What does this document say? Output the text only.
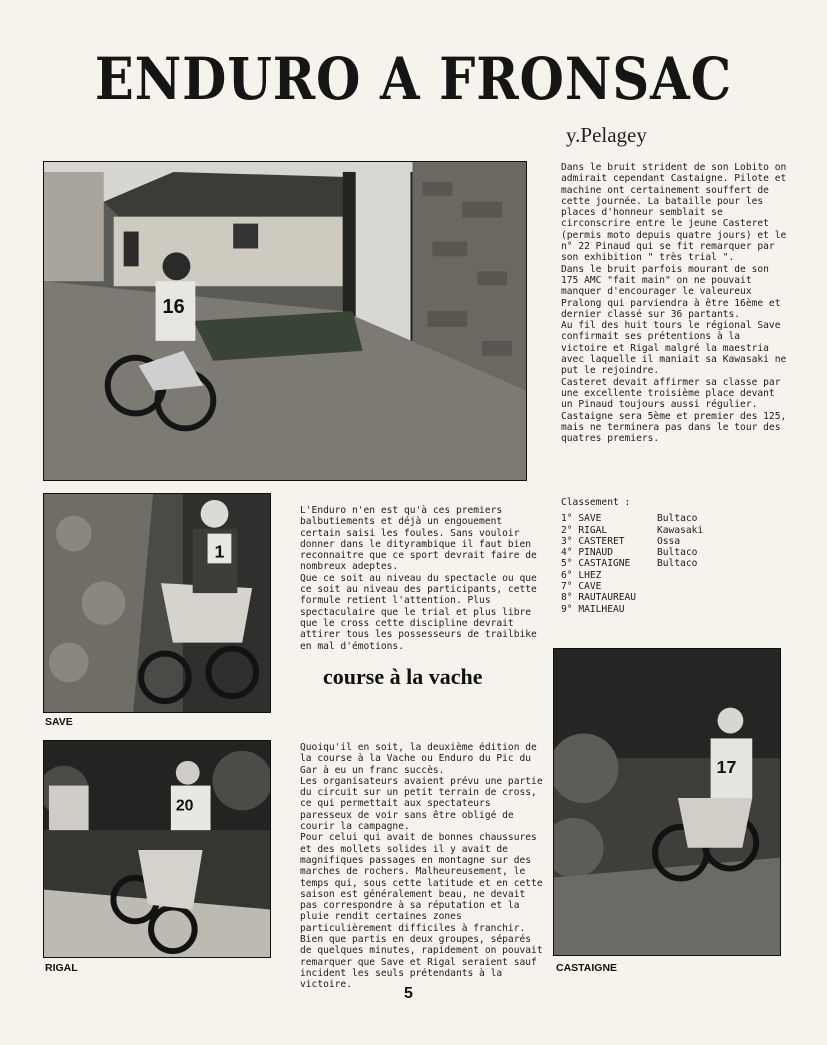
ENDURO A FRONSAC
y.Pelagey
16

Dans le bruit strident de son Lobito on admirait cependant Castaigne. Pilote et machine ont certainement souffert de cette journée. La bataille pour les places d'honneur semblait se circonscrire entre le jeune Casteret (permis moto depuis quatre jours) et le n° 22 Pinaud qui se fit remarquer par son exhibition " très trial ".

Dans le bruit parfois mourant de son 175 AMC "fait main" on ne pouvait manquer d'encourager le valeureux Pralong qui parviendra à être 16ème et dernier classé sur 36 partants.

Au fil des huit tours le régional Save confirmait ses prétentions à la victoire et Rigal malgré la maestria avec laquelle il maniait sa Kawasaki ne put le rejoindre.

Casteret devait affirmer sa classe par une excellente troisième place devant un Pinaud toujours aussi régulier.

Castaigne sera 5ème et premier des 125, mais ne terminera pas dans le tour des quatres premiers.

1
SAVE

L'Enduro n'en est qu'à ces premiers balbutiements et déjà un engouement certain saisi les foules. Sans vouloir donner dans le dityrambique il faut bien reconnaitre que ce sport devrait faire de nombreux adeptes.

Que ce soit au niveau du spectacle ou que ce soit au niveau des participants, cette formule retient l'attention. Plus spectaculaire que le trial et plus libre que le cross cette discipline devrait attirer tous les possesseurs de trailbike en mal d'émotions.

course à la vache
Classement :
1° SAVE	Bultaco
2° RIGAL	Kawasaki
3° CASTERET	Ossa
4° PINAUD	Bultaco
5° CASTAIGNE	Bultaco
6° LHEZ
7° CAVE
8° RAUTAUREAU
9° MAILHEAU
20
RIGAL

Quoiqu'il en soit, la deuxième édition de la course à la Vache ou Enduro du Pic du Gar à eu un franc succès.

Les organisateurs avaient prévu une partie du circuit sur un petit terrain de cross, ce qui permettait aux spectateurs paresseux de voir sans être obligé de courir la campagne.

Pour celui qui avait de bonnes chaussures et des mollets solides il y avait de magnifiques passages en montagne sur des marches de rochers. Malheureusement, le temps qui, sous cette latitude et en cette saison est généralement beau, ne devait pas correspondre à sa réputation et la pluie rendit certaines zones particulièrement difficiles à franchir.

Bien que partis en deux groupes, séparés de quelques minutes, rapidement on pouvait remarquer que Save et Rigal seraient sauf incident les seuls prétendants à la victoire.

17
CASTAIGNE
5
